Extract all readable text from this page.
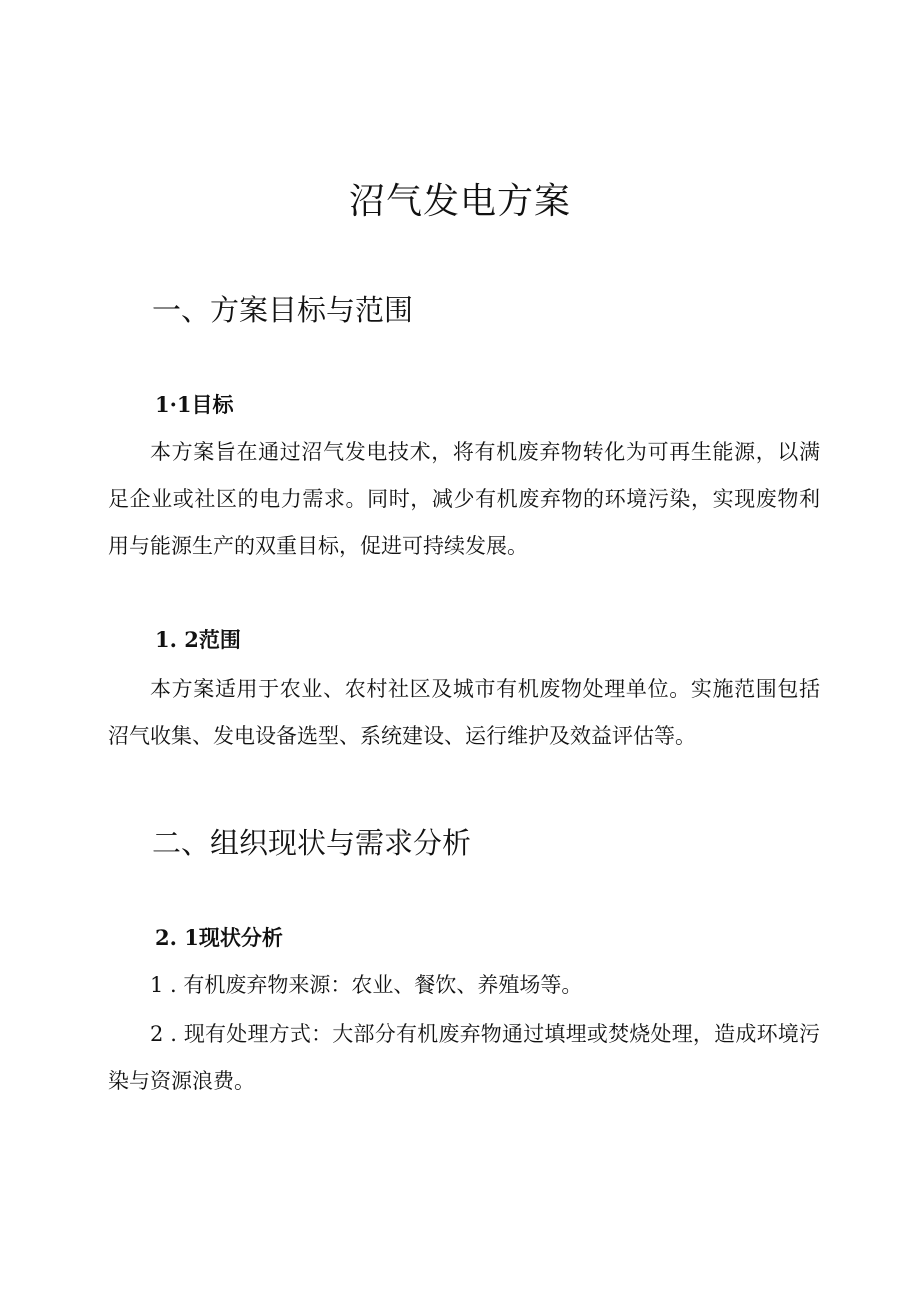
沼气发电方案
一、方案目标与范围
1·1目标

本方案旨在通过沼气发电技术，将有机废弃物转化为可再生能源，以满足企业或社区的电力需求。同时，减少有机废弃物的环境污染，实现废物利用与能源生产的双重目标，促进可持续发展。

1. 2范围

本方案适用于农业、农村社区及城市有机废物处理单位。实施范围包括沼气收集、发电设备选型、系统建设、运行维护及效益评估等。

二、组织现状与需求分析
2. 1现状分析

1 . 有机废弃物来源：农业、餐饮、养殖场等。

2 . 现有处理方式：大部分有机废弃物通过填埋或焚烧处理，造成环境污染与资源浪费。
